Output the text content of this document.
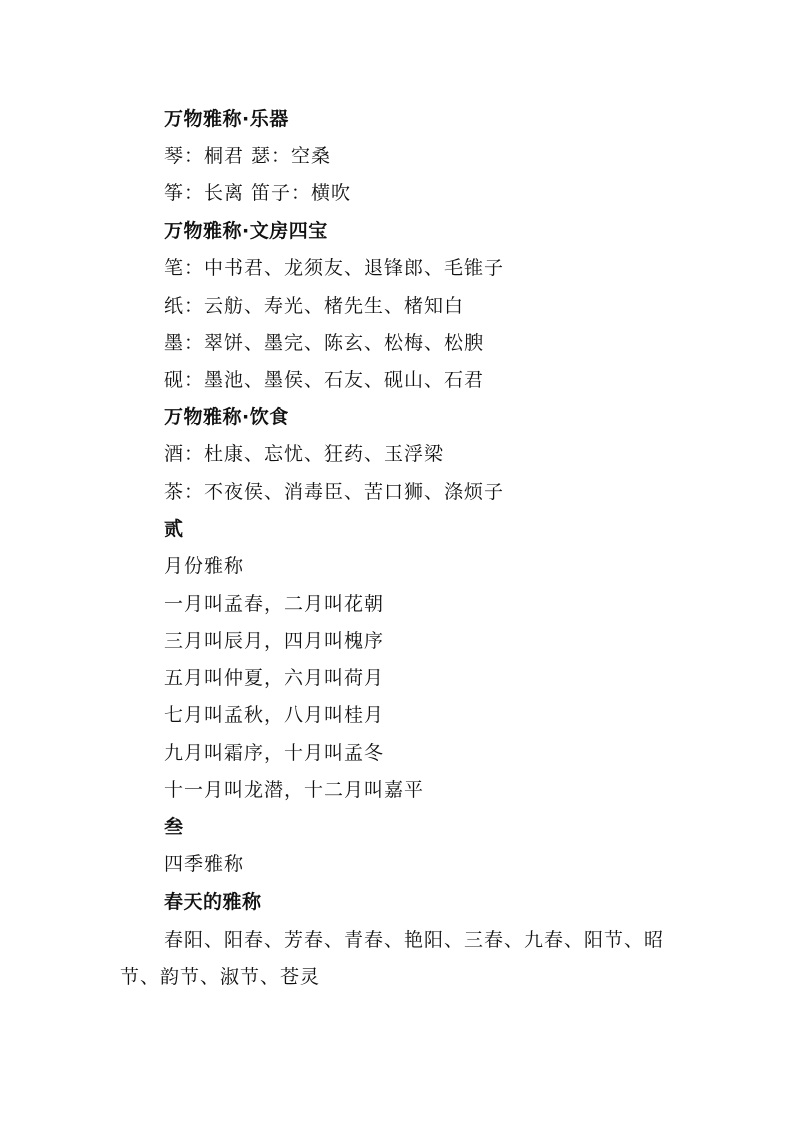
万物雅称·乐器
琴：桐君 瑟：空桑
筝：长离 笛子：横吹
万物雅称·文房四宝
笔：中书君、龙须友、退锋郎、毛锥子
纸：云舫、寿光、楮先生、楮知白
墨：翠饼、墨完、陈玄、松梅、松腴
砚：墨池、墨侯、石友、砚山、石君
万物雅称·饮食
酒：杜康、忘忧、狂药、玉浮梁
茶：不夜侯、消毒臣、苦口狮、涤烦子
贰
月份雅称
一月叫孟春，二月叫花朝
三月叫辰月，四月叫槐序
五月叫仲夏，六月叫荷月
七月叫孟秋，八月叫桂月
九月叫霜序，十月叫孟冬
十一月叫龙潜，十二月叫嘉平
叁
四季雅称
春天的雅称
春阳、阳春、芳春、青春、艳阳、三春、九春、阳节、昭节、韵节、淑节、苍灵
